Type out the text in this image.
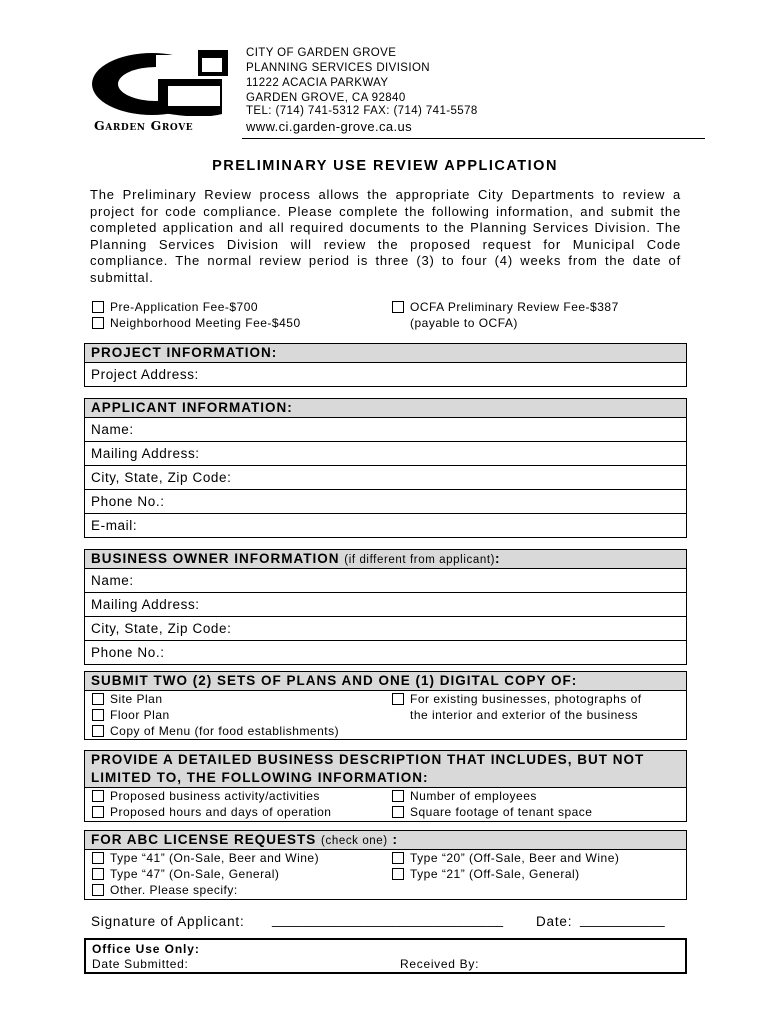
Garden Grove
CITY OF GARDEN GROVE
PLANNING SERVICES DIVISION
11222 ACACIA PARKWAY
GARDEN GROVE, CA 92840
TEL: (714) 741-5312 FAX: (714) 741-5578
www.ci.garden-grove.ca.us
PRELIMINARY USE REVIEW APPLICATION
The Preliminary Review process allows the appropriate City Departments to review a project for code compliance. Please complete the following information, and submit the completed application and all required documents to the Planning Services Division. The Planning Services Division will review the proposed request for Municipal Code compliance. The normal review period is three (3) to four (4) weeks from the date of submittal.
Pre-Application Fee-$700
Neighborhood Meeting Fee-$450
OCFA Preliminary Review Fee-$387
(payable to OCFA)
PROJECT INFORMATION:
Project Address:
APPLICANT INFORMATION:
Name:
Mailing Address:
City, State, Zip Code:
Phone No.:
E-mail:
BUSINESS OWNER INFORMATION (if different from applicant):
Name:
Mailing Address:
City, State, Zip Code:
Phone No.:
SUBMIT TWO (2) SETS OF PLANS AND ONE (1) DIGITAL COPY OF:
Site Plan
Floor Plan
Copy of Menu (for food establishments)
For existing businesses, photographs of
the interior and exterior of the business
PROVIDE A DETAILED BUSINESS DESCRIPTION THAT INCLUDES, BUT NOT
LIMITED TO, THE FOLLOWING INFORMATION:
Proposed business activity/activities
Proposed hours and days of operation
Number of employees
Square footage of tenant space
FOR ABC LICENSE REQUESTS (check one) :
Type “41” (On-Sale, Beer and Wine)
Type “47” (On-Sale, General)
Other. Please specify:
Type “20” (Off-Sale, Beer and Wine)
Type “21” (Off-Sale, General)
Signature of Applicant: ______________________________ Date: ___________
Office Use Only:
Date Submitted:	Received By:
